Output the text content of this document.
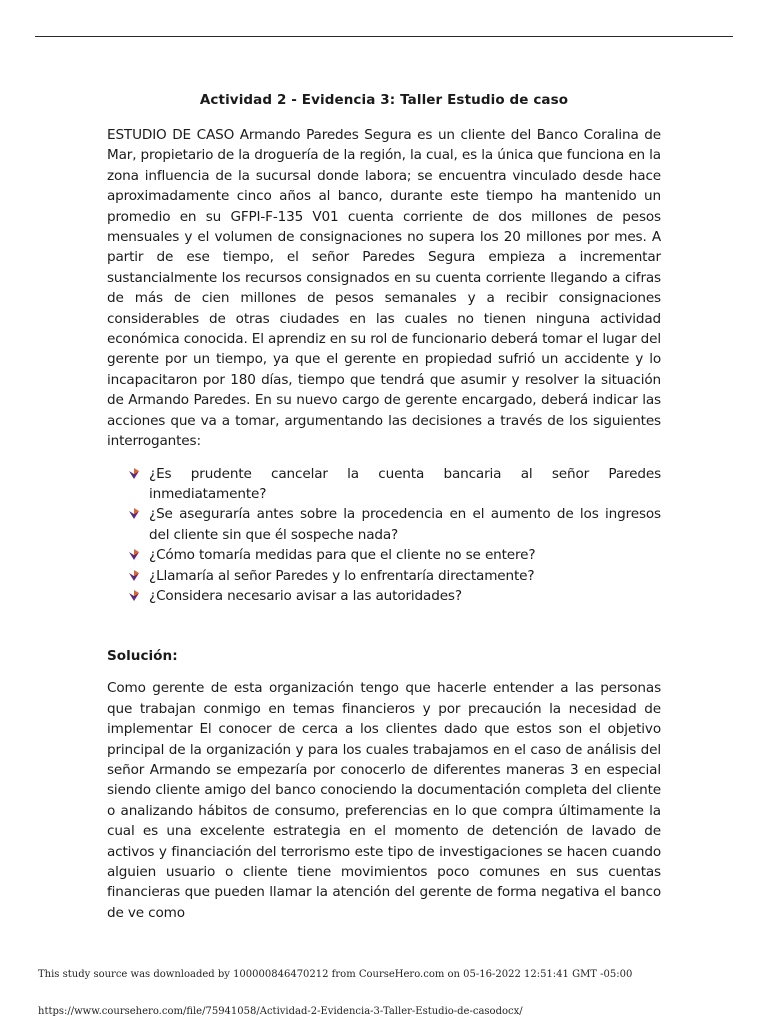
Actividad 2 - Evidencia 3: Taller Estudio de caso

ESTUDIO DE CASO Armando Paredes Segura es un cliente del Banco Coralina de Mar, propietario de la droguería de la región, la cual, es la única que funciona en la zona influencia de la sucursal donde labora; se encuentra vinculado desde hace aproximadamente cinco años al banco, durante este tiempo ha mantenido un promedio en su GFPI-F-135 V01 cuenta corriente de dos millones de pesos mensuales y el volumen de consignaciones no supera los 20 millones por mes. A partir de ese tiempo, el señor Paredes Segura empieza a incrementar sustancialmente los recursos consignados en su cuenta corriente llegando a cifras de más de cien millones de pesos semanales y a recibir consignaciones considerables de otras ciudades en las cuales no tienen ninguna actividad económica conocida. El aprendiz en su rol de funcionario deberá tomar el lugar del gerente por un tiempo, ya que el gerente en propiedad sufrió un accidente y lo incapacitaron por 180 días, tiempo que tendrá que asumir y resolver la situación de Armando Paredes. En su nuevo cargo de gerente encargado, deberá indicar las acciones que va a tomar, argumentando las decisiones a través de los siguientes interrogantes:

¿Es prudente cancelar la cuenta bancaria al señor Paredes inmediatamente?
¿Se aseguraría antes sobre la procedencia en el aumento de los ingresos del cliente sin que él sospeche nada?
¿Cómo tomaría medidas para que el cliente no se entere?
¿Llamaría al señor Paredes y lo enfrentaría directamente?
¿Considera necesario avisar a las autoridades?
Solución:

Como gerente de esta organización tengo que hacerle entender a las personas que trabajan conmigo en temas financieros y por precaución la necesidad de implementar El conocer de cerca a los clientes dado que estos son el objetivo principal de la organización y para los cuales trabajamos en el caso de análisis del señor Armando se empezaría por conocerlo de diferentes maneras 3 en especial siendo cliente amigo del banco conociendo la documentación completa del cliente o analizando hábitos de consumo, preferencias en lo que compra últimamente la cual es una excelente estrategia en el momento de detención de lavado de activos y financiación del terrorismo este tipo de investigaciones se hacen cuando alguien usuario o cliente tiene movimientos poco comunes en sus cuentas financieras que pueden llamar la atención del gerente de forma negativa el banco de ve como

This study source was downloaded by 100000846470212 from CourseHero.com on 05-16-2022 12:51:41 GMT -05:00
https://www.coursehero.com/file/75941058/Actividad-2-Evidencia-3-Taller-Estudio-de-casodocx/
